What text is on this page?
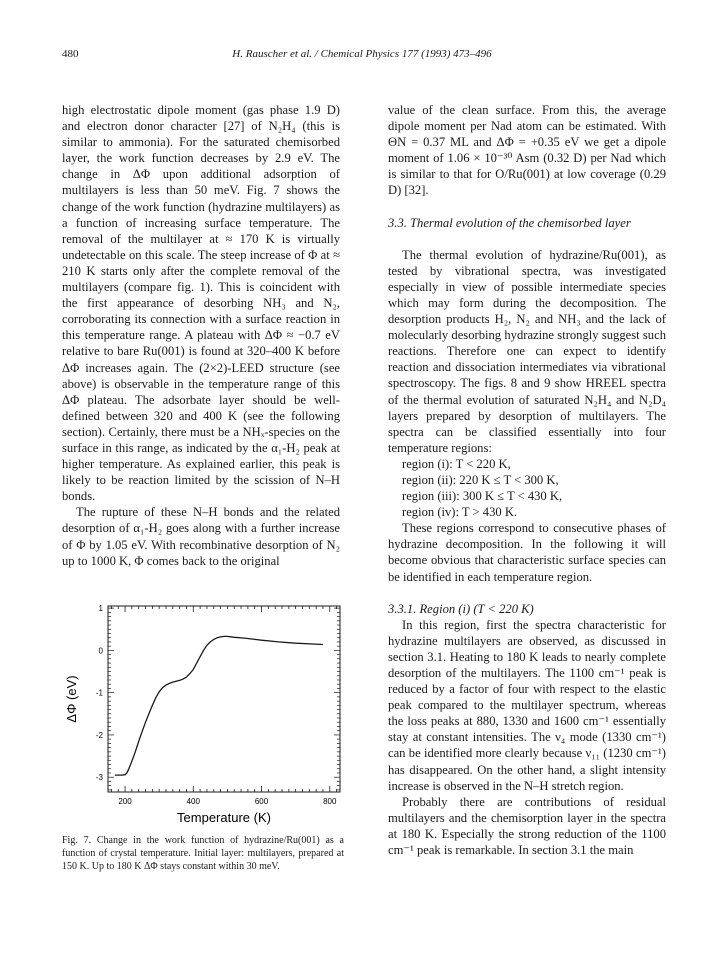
480	H. Rauscher et al. / Chemical Physics 177 (1993) 473–496

high electrostatic dipole moment (gas phase 1.9 D) and electron donor character [27] of N₂H₄ (this is similar to ammonia). For the saturated chemisorbed layer, the work function decreases by 2.9 eV. The change in ΔΦ upon additional adsorption of multilayers is less than 50 meV. Fig. 7 shows the change of the work function (hydrazine multilayers) as a function of increasing surface temperature. The removal of the multilayer at ≈ 170 K is virtually undetectable on this scale. The steep increase of Φ at ≈ 210 K starts only after the complete removal of the multilayers (compare fig. 1). This is coincident with the first appearance of desorbing NH₃ and N₂, corroborating its connection with a surface reaction in this temperature range. A plateau with ΔΦ ≈ −0.7 eV relative to bare Ru(001) is found at 320–400 K before ΔΦ increases again. The (2×2)-LEED structure (see above) is observable in the temperature range of this ΔΦ plateau. The adsorbate layer should be well-defined between 320 and 400 K (see the following section). Certainly, there must be a NHₓ-species on the surface in this range, as indicated by the α₁-H₂ peak at higher temperature. As explained earlier, this peak is likely to be reaction limited by the scission of N–H bonds.

The rupture of these N–H bonds and the related desorption of α₁-H₂ goes along with a further increase of Φ by 1.05 eV. With recombinative desorption of N₂ up to 1000 K, Φ comes back to the original

value of the clean surface. From this, the average dipole moment per Nad atom can be estimated. With ΘN = 0.37 ML and ΔΦ = +0.35 eV we get a dipole moment of 1.06 × 10⁻³⁰ Asm (0.32 D) per Nad which is similar to that for O/Ru(001) at low coverage (0.29 D) [32].

3.3. Thermal evolution of the chemisorbed layer

The thermal evolution of hydrazine/Ru(001), as tested by vibrational spectra, was investigated especially in view of possible intermediate species which may form during the decomposition. The desorption products H₂, N₂ and NH₃ and the lack of molecularly desorbing hydrazine strongly suggest such reactions. Therefore one can expect to identify reaction and dissociation intermediates via vibrational spectroscopy. The figs. 8 and 9 show HREEL spectra of the thermal evolution of saturated N₂H₄ and N₂D₄ layers prepared by desorption of multilayers. The spectra can be classified essentially into four temperature regions:

region (i): T < 220 K,
region (ii): 220 K ≤ T < 300 K,
region (iii): 300 K ≤ T < 430 K,
region (iv): T > 430 K.

These regions correspond to consecutive phases of hydrazine decomposition. In the following it will become obvious that characteristic surface species can be identified in each temperature region.

3.3.1. Region (i) (T < 220 K)

In this region, first the spectra characteristic for hydrazine multilayers are observed, as discussed in section 3.1. Heating to 180 K leads to nearly complete desorption of the multilayers. The 1100 cm⁻¹ peak is reduced by a factor of four with respect to the elastic peak compared to the multilayer spectrum, whereas the loss peaks at 880, 1330 and 1600 cm⁻¹ essentially stay at constant intensities. The ν₄ mode (1330 cm⁻¹) can be identified more clearly because ν₁₁ (1230 cm⁻¹) has disappeared. On the other hand, a slight intensity increase is observed in the N–H stretch region.

Probably there are contributions of residual multilayers and the chemisorption layer in the spectra at 180 K. Especially the strong reduction of the 1100 cm⁻¹ peak is remarkable. In section 3.1 the main

200	400	600	800
1
0
-1
-2
-3
Temperature (K)
ΔΦ (eV)
Fig. 7. Change in the work function of hydrazine/Ru(001) as a function of crystal temperature. Initial layer: multilayers, prepared at 150 K. Up to 180 K ΔΦ stays constant within 30 meV.
